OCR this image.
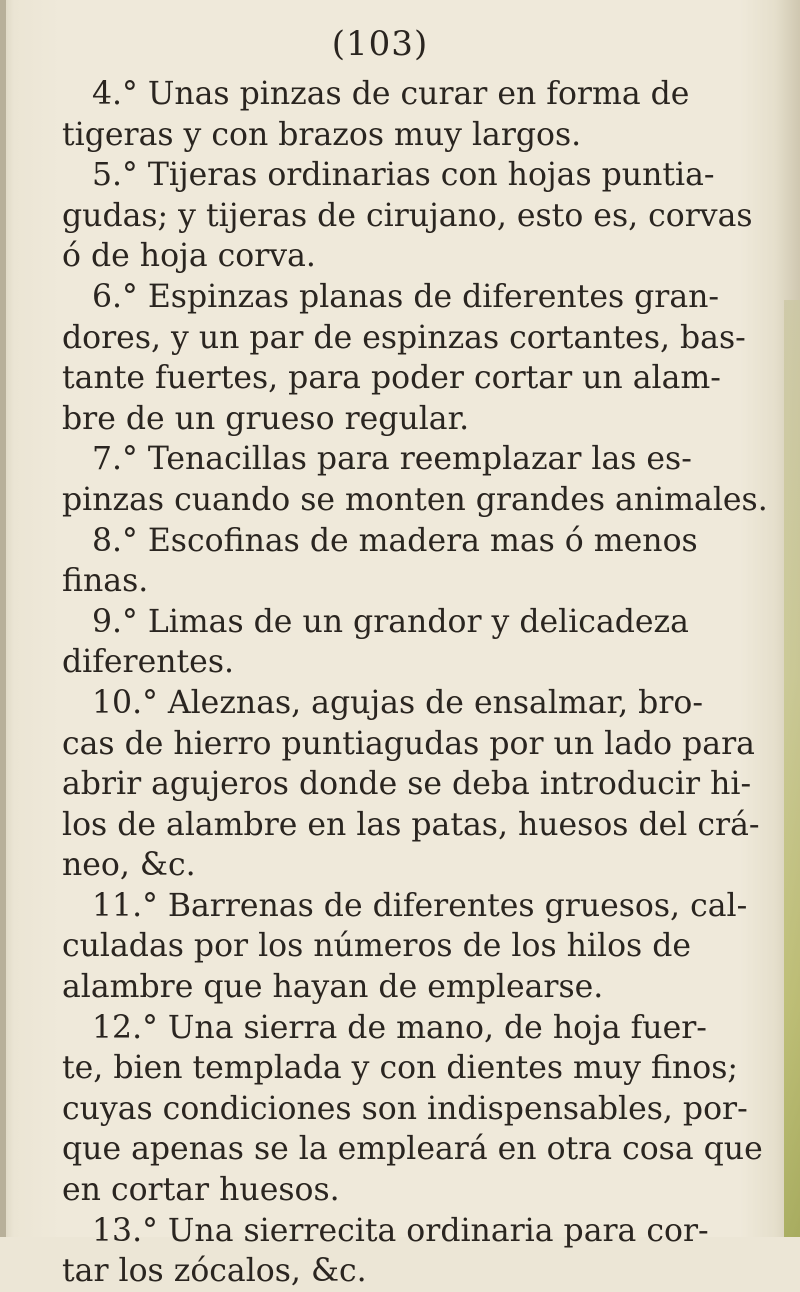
(103)
4.° Unas pinzas de curar en forma de
tigeras y con brazos muy largos.
5.° Tijeras ordinarias con hojas puntia-
gudas; y tijeras de cirujano, esto es, corvas
ó de hoja corva.
6.° Espinzas planas de diferentes gran-
dores, y un par de espinzas cortantes, bas-
tante fuertes, para poder cortar un alam-
bre de un grueso regular.
7.° Tenacillas para reemplazar las es-
pinzas cuando se monten grandes animales.
8.° Escofinas de madera mas ó menos
finas.
9.° Limas de un grandor y delicadeza
diferentes.
10.° Aleznas, agujas de ensalmar, bro-
cas de hierro puntiagudas por un lado para
abrir agujeros donde se deba introducir hi-
los de alambre en las patas, huesos del crá-
neo, &c.
11.° Barrenas de diferentes gruesos, cal-
culadas por los números de los hilos de
alambre que hayan de emplearse.
12.° Una sierra de mano, de hoja fuer-
te, bien templada y con dientes muy finos;
cuyas condiciones son indispensables, por-
que apenas se la empleará en otra cosa que
en cortar huesos.
13.° Una sierrecita ordinaria para cor-
tar los zócalos, &c.
